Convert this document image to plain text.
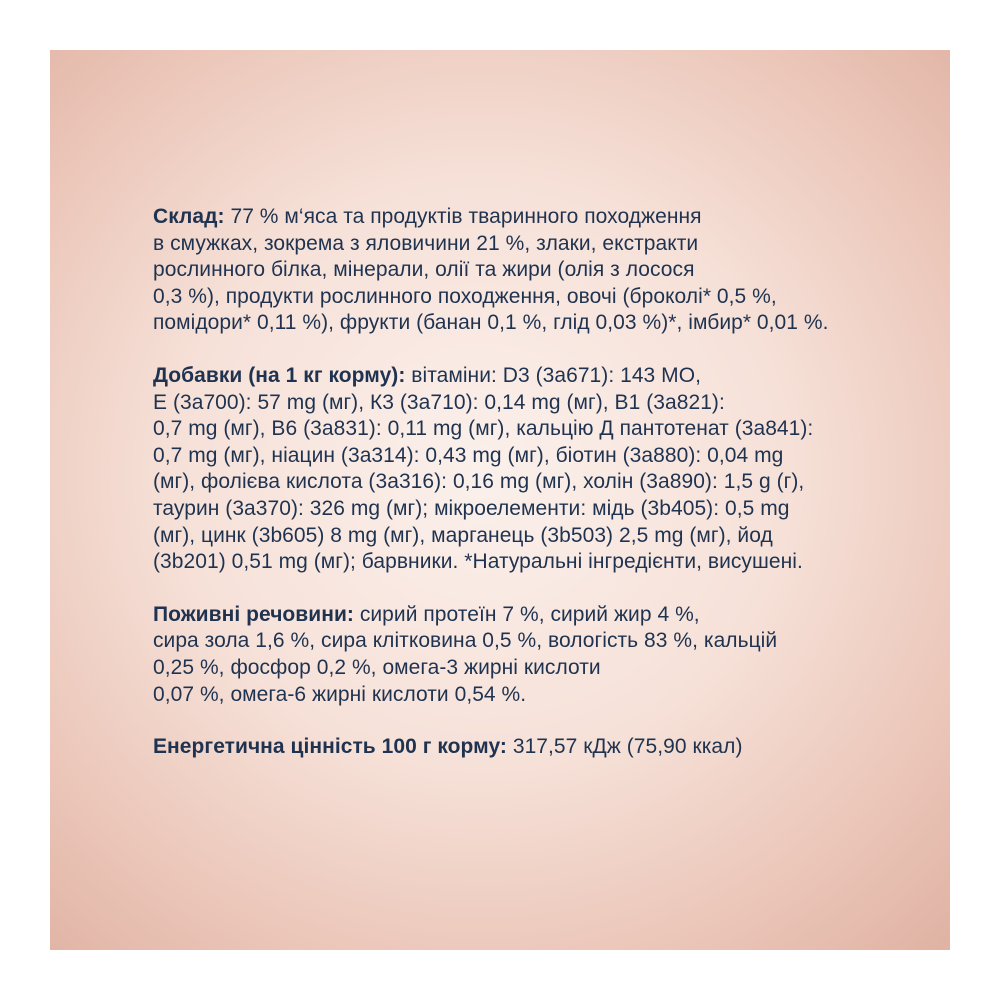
Склад: 77 % м‘яса та продуктів тваринного походження
в смужках, зокрема з яловичини 21 %, злаки, екстракти
рослинного білка, мінерали, олії та жири (олія з лосося
0,3 %), продукти рослинного походження, овочі (броколі* 0,5 %,
помідори* 0,11 %), фрукти (банан 0,1 %, глід 0,03 %)*, імбир* 0,01 %.

Добавки (на 1 кг корму): вітаміни: D3 (3а671): 143 МО,
Е (3а700): 57 mg (мг), К3 (3а710): 0,14 mg (мг), В1 (3а821):
0,7 mg (мг), В6 (3а831): 0,11 mg (мг), кальцію Д пантотенат (3а841):
0,7 mg (мг), ніацин (3а314): 0,43 mg (мг), біотин (3а880): 0,04 mg
(мг), фолієва кислота (3а316): 0,16 mg (мг), холін (3а890): 1,5 g (г),
таурин (3а370): 326 mg (мг); мікроелементи: мідь (3b405): 0,5 mg
(мг), цинк (3b605) 8 mg (мг), марганець (3b503) 2,5 mg (мг), йод
(3b201) 0,51 mg (мг); барвники. *Натуральні інгредієнти, висушені.

Поживні речовини: сирий протеїн 7 %, сирий жир 4 %,
сира зола 1,6 %, сира клітковина 0,5 %, вологість 83 %, кальцій
0,25 %, фосфор 0,2 %, омега-3 жирні кислоти
0,07 %, омега-6 жирні кислоти 0,54 %.

Енергетична цінність 100 г корму: 317,57 кДж (75,90 ккал)
